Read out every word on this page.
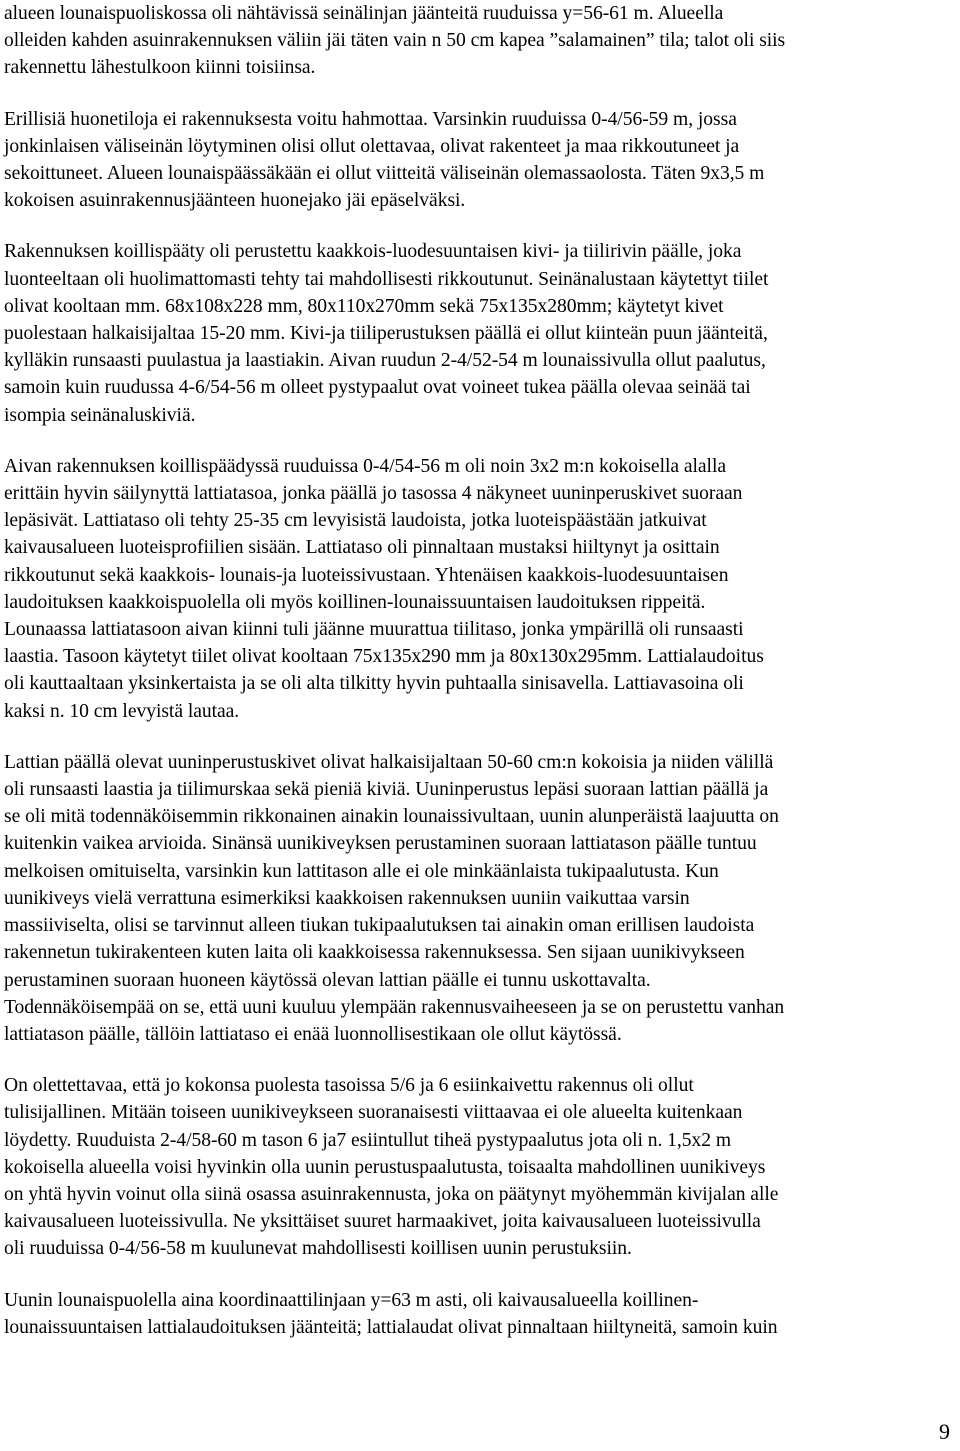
alueen lounaispuoliskossa oli nähtävissä seinälinjan jäänteitä ruuduissa y=56-61 m. Alueella
olleiden kahden asuinrakennuksen väliin jäi täten vain n 50 cm kapea ”salamainen” tila; talot oli siis
rakennettu lähestulkoon kiinni toisiinsa.

Erillisiä huonetiloja ei rakennuksesta voitu hahmottaa. Varsinkin ruuduissa 0-4/56-59 m, jossa
jonkinlaisen väliseinän löytyminen olisi ollut olettavaa, olivat rakenteet ja maa rikkoutuneet ja
sekoittuneet. Alueen lounaispäässäkään ei ollut viitteitä väliseinän olemassaolosta. Täten 9x3,5 m
kokoisen asuinrakennusjäänteen huonejako jäi epäselväksi.

Rakennuksen koillispääty oli perustettu kaakkois-luodesuuntaisen kivi- ja tiilirivin päälle, joka
luonteeltaan oli huolimattomasti tehty tai mahdollisesti rikkoutunut. Seinänalustaan käytettyt tiilet
olivat kooltaan mm. 68x108x228 mm, 80x110x270mm sekä 75x135x280mm; käytetyt kivet
puolestaan halkaisijaltaa 15-20 mm. Kivi-ja tiiliperustuksen päällä ei ollut kiinteän puun jäänteitä,
kylläkin runsaasti puulastua ja laastiakin. Aivan ruudun 2-4/52-54 m lounaissivulla ollut paalutus,
samoin kuin ruudussa 4-6/54-56 m olleet pystypaalut ovat voineet tukea päälla olevaa seinää tai
isompia seinänaluskiviä.

Aivan rakennuksen koillispäädyssä ruuduissa 0-4/54-56 m oli noin 3x2 m:n kokoisella alalla
erittäin hyvin säilynyttä lattiatasoa, jonka päällä jo tasossa 4 näkyneet uuninperuskivet suoraan
lepäsivät. Lattiataso oli tehty 25-35 cm levyisistä laudoista, jotka luoteispäästään jatkuivat
kaivausalueen luoteisprofiilien sisään. Lattiataso oli pinnaltaan mustaksi hiiltynyt ja osittain
rikkoutunut sekä kaakkois- lounais-ja luoteissivustaan. Yhtenäisen kaakkois-luodesuuntaisen
laudoituksen kaakkoispuolella oli myös koillinen-lounaissuuntaisen laudoituksen rippeitä.
Lounaassa lattiatasoon aivan kiinni tuli jäänne muurattua tiilitaso, jonka ympärillä oli runsaasti
laastia. Tasoon käytetyt tiilet olivat kooltaan 75x135x290 mm ja 80x130x295mm. Lattialaudoitus
oli kauttaaltaan yksinkertaista ja se oli alta tilkitty hyvin puhtaalla sinisavella. Lattiavasoina oli
kaksi n. 10 cm levyistä lautaa.

Lattian päällä olevat uuninperustuskivet olivat halkaisijaltaan 50-60 cm:n kokoisia ja niiden välillä
oli runsaasti laastia ja tiilimurskaa sekä pieniä kiviä. Uuninperustus lepäsi suoraan lattian päällä ja
se oli mitä todennäköisemmin rikkonainen ainakin lounaissivultaan, uunin alunperäistä laajuutta on
kuitenkin vaikea arvioida. Sinänsä uunikiveyksen perustaminen suoraan lattiatason päälle tuntuu
melkoisen omituiselta, varsinkin kun lattitason alle ei ole minkäänlaista tukipaalutusta. Kun
uunikiveys vielä verrattuna esimerkiksi kaakkoisen rakennuksen uuniin vaikuttaa varsin
massiiviselta, olisi se tarvinnut alleen tiukan tukipaalutuksen tai ainakin oman erillisen laudoista
rakennetun tukirakenteen kuten laita oli kaakkoisessa rakennuksessa. Sen sijaan uunikivykseen
perustaminen suoraan huoneen käytössä olevan lattian päälle ei tunnu uskottavalta.
Todennäköisempää on se, että uuni kuuluu ylempään rakennusvaiheeseen ja se on perustettu vanhan
lattiatason päälle, tällöin lattiataso ei enää luonnollisestikaan ole ollut käytössä.

On olettettavaa, että jo kokonsa puolesta tasoissa 5/6 ja 6 esiinkaivettu rakennus oli ollut
tulisijallinen. Mitään toiseen uunikiveykseen suoranaisesti viittaavaa ei ole alueelta kuitenkaan
löydetty. Ruuduista 2-4/58-60 m tason 6 ja7 esiintullut tiheä pystypaalutus jota oli n. 1,5x2 m
kokoisella alueella voisi hyvinkin olla uunin perustuspaalutusta, toisaalta mahdollinen uunikiveys
on yhtä hyvin voinut olla siinä osassa asuinrakennusta, joka on päätynyt myöhemmän kivijalan alle
kaivausalueen luoteissivulla. Ne yksittäiset suuret harmaakivet, joita kaivausalueen luoteissivulla
oli ruuduissa 0-4/56-58 m kuulunevat mahdollisesti koillisen uunin perustuksiin.

Uunin lounaispuolella aina koordinaattilinjaan y=63 m asti, oli kaivausalueella koillinen-
lounaissuuntaisen lattialaudoituksen jäänteitä; lattialaudat olivat pinnaltaan hiiltyneitä, samoin kuin

9
